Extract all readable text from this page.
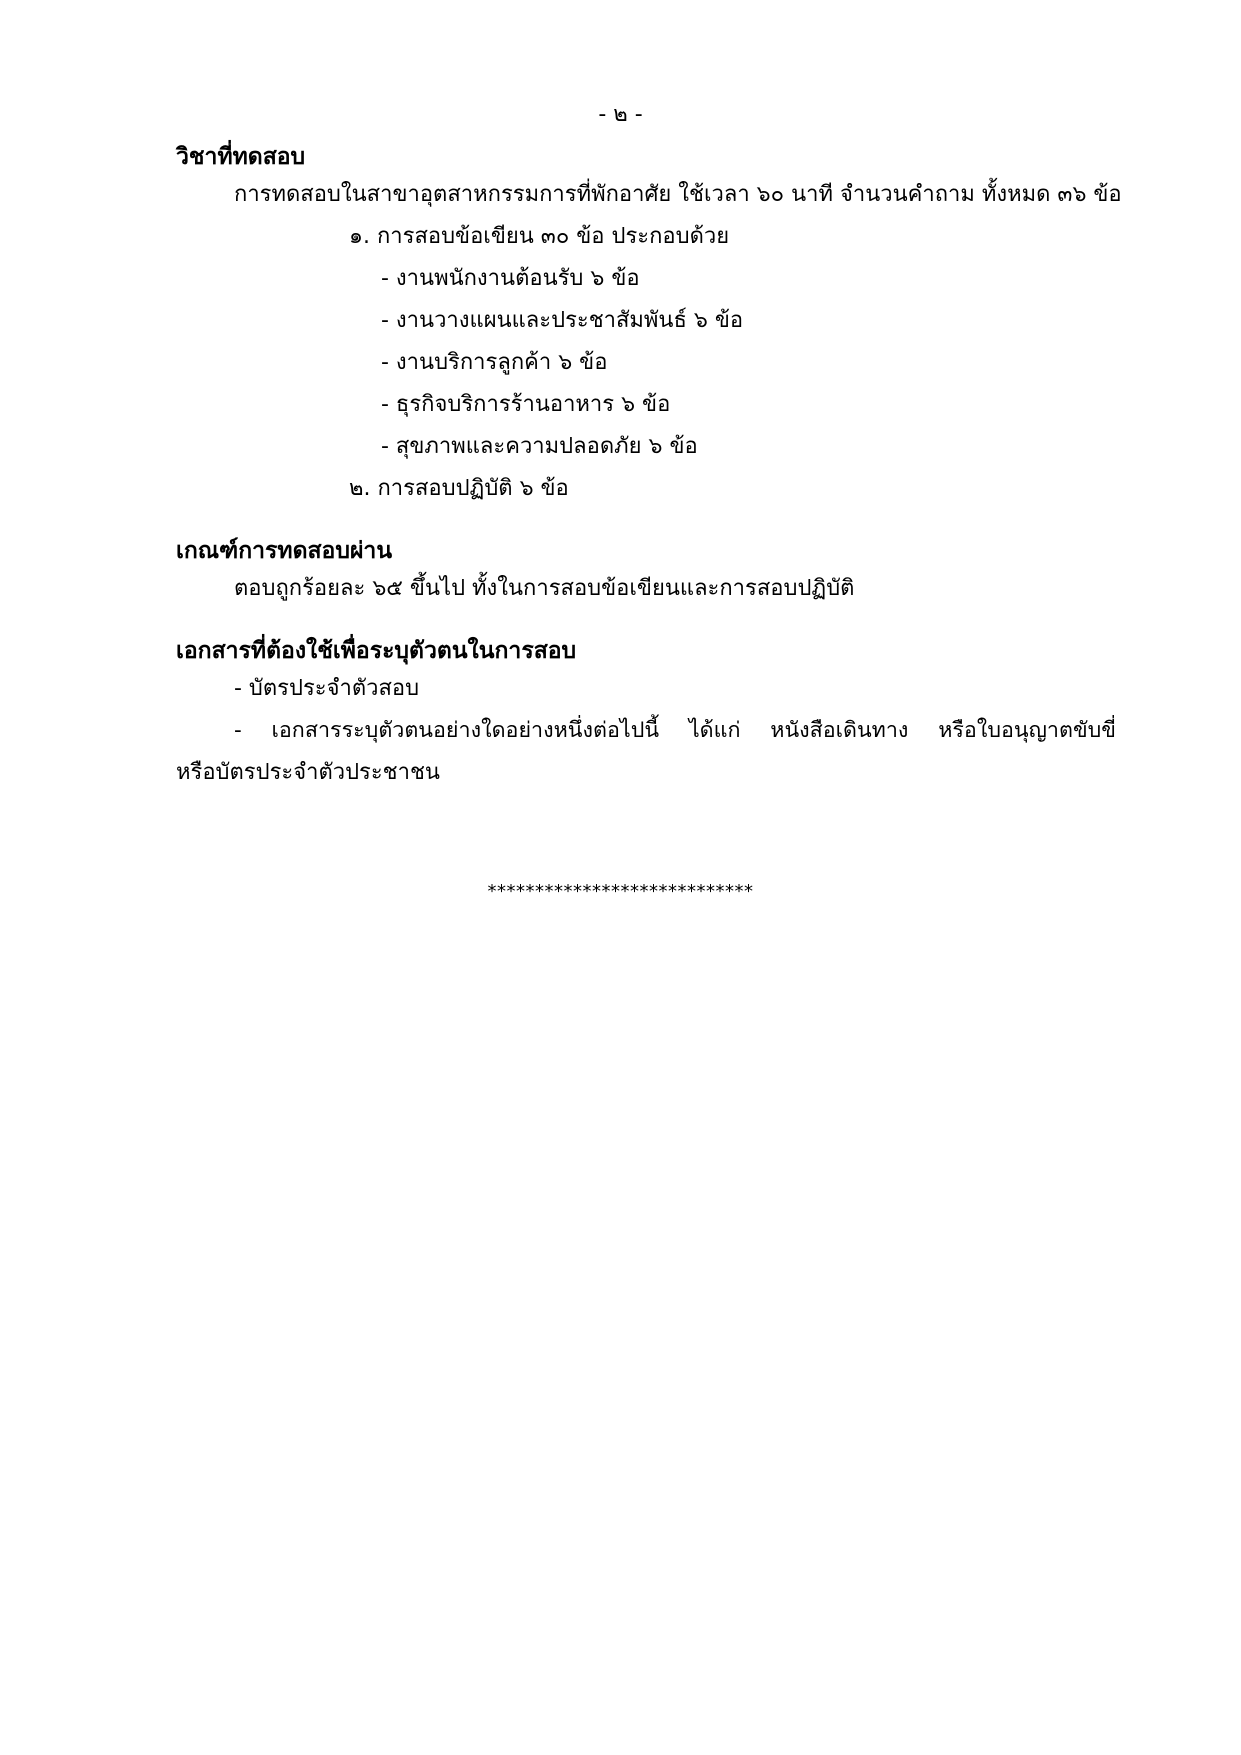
- ๒ -

วิชาที่ทดสอบ

การทดสอบในสาขาอุตสาหกรรมการที่พักอาศัย ใช้เวลา ๖๐ นาที จำนวนคำถาม ทั้งหมด ๓๖ ข้อ

๑. การสอบข้อเขียน ๓๐ ข้อ ประกอบด้วย

- งานพนักงานต้อนรับ ๖ ข้อ

- งานวางแผนและประชาสัมพันธ์ ๖ ข้อ

- งานบริการลูกค้า ๖ ข้อ

- ธุรกิจบริการร้านอาหาร ๖ ข้อ

- สุขภาพและความปลอดภัย ๖ ข้อ

๒. การสอบปฏิบัติ ๖ ข้อ

เกณฑ์การทดสอบผ่าน

ตอบถูกร้อยละ ๖๕ ขึ้นไป ทั้งในการสอบข้อเขียนและการสอบปฏิบัติ

เอกสารที่ต้องใช้เพื่อระบุตัวตนในการสอบ

- บัตรประจำตัวสอบ

- เอกสารระบุตัวตนอย่างใดอย่างหนึ่งต่อไปนี้ ได้แก่ หนังสือเดินทาง หรือใบอนุญาตขับขี่

หรือบัตรประจำตัวประชาชน

****************************
